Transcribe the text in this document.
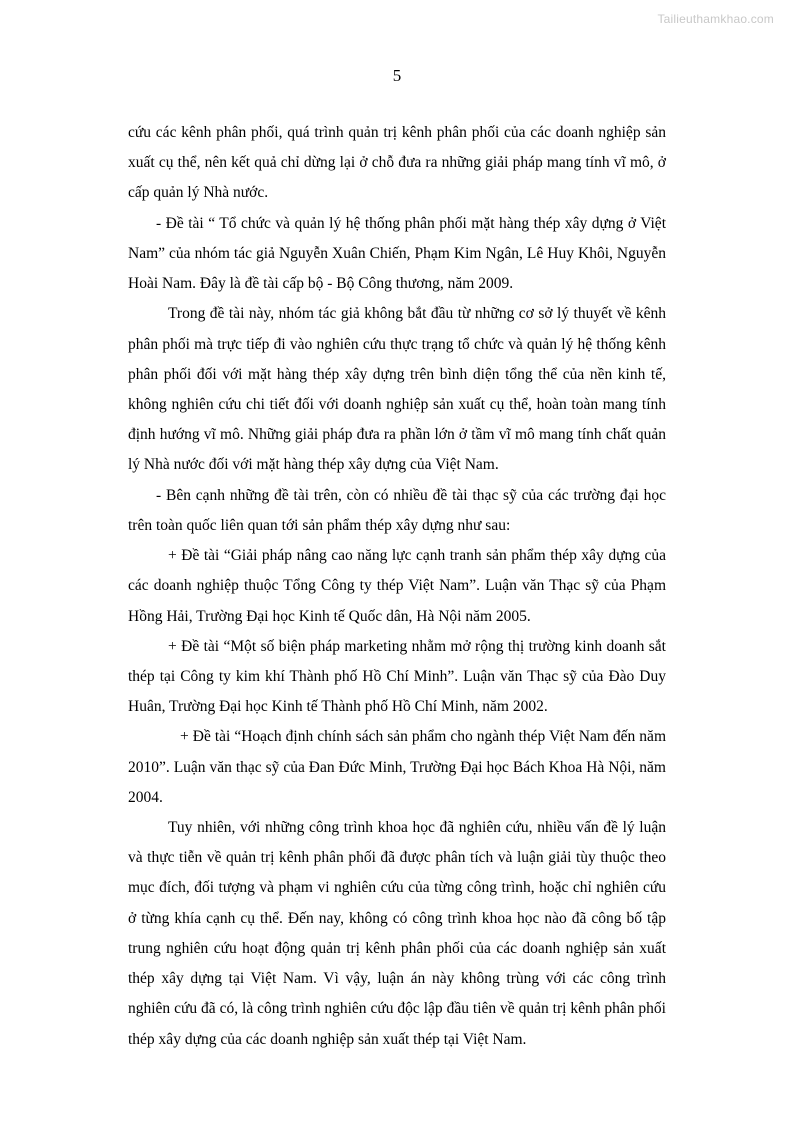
Tailieuthamkhao.com
5

cứu các kênh phân phối, quá trình quản trị kênh phân phối của các doanh nghiệp sản xuất cụ thể, nên kết quả chỉ dừng lại ở chỗ đưa ra những giải pháp mang tính vĩ mô, ở cấp quản lý Nhà nước.

- Đề tài “ Tổ chức và quản lý hệ thống phân phối mặt hàng thép xây dựng ở Việt Nam” của nhóm tác giả Nguyễn Xuân Chiến, Phạm Kim Ngân, Lê Huy Khôi, Nguyễn Hoài Nam. Đây là đề tài cấp bộ - Bộ Công thương, năm 2009.

Trong đề tài này, nhóm tác giả không bắt đầu từ những cơ sở lý thuyết về kênh phân phối mà trực tiếp đi vào nghiên cứu thực trạng tổ chức và quản lý hệ thống kênh phân phối đối với mặt hàng thép xây dựng trên bình diện tổng thể của nền kinh tế, không nghiên cứu chi tiết đối với doanh nghiệp sản xuất cụ thể, hoàn toàn mang tính định hướng vĩ mô. Những giải pháp đưa ra phần lớn ở tầm vĩ mô mang tính chất quản lý Nhà nước đối với mặt hàng thép xây dựng của Việt Nam.

- Bên cạnh những đề tài trên, còn có nhiều đề tài thạc sỹ của các trường đại học trên toàn quốc liên quan tới sản phẩm thép xây dựng như sau:

+ Đề tài “Giải pháp nâng cao năng lực cạnh tranh sản phẩm thép xây dựng của các doanh nghiệp thuộc Tổng Công ty thép Việt Nam”. Luận văn Thạc sỹ của Phạm Hồng Hải, Trường Đại học Kinh tế Quốc dân, Hà Nội năm 2005.

+ Đề tài “Một số biện pháp marketing nhằm mở rộng thị trường kinh doanh sắt thép tại Công ty kim khí Thành phố Hồ Chí Minh”. Luận văn Thạc sỹ của Đào Duy Huân, Trường Đại học Kinh tế Thành phố Hồ Chí Minh, năm 2002.

+ Đề tài “Hoạch định chính sách sản phẩm cho ngành thép Việt Nam đến năm 2010”. Luận văn thạc sỹ của Đan Đức Minh, Trường Đại học Bách Khoa Hà Nội, năm 2004.

Tuy nhiên, với những công trình khoa học đã nghiên cứu, nhiều vấn đề lý luận và thực tiễn về quản trị kênh phân phối đã được phân tích và luận giải tùy thuộc theo mục đích, đối tượng và phạm vi nghiên cứu của từng công trình, hoặc chỉ nghiên cứu ở từng khía cạnh cụ thể. Đến nay, không có công trình khoa học nào đã công bố tập trung nghiên cứu hoạt động quản trị kênh phân phối của các doanh nghiệp sản xuất thép xây dựng tại Việt Nam. Vì vậy, luận án này không trùng với các công trình nghiên cứu đã có, là công trình nghiên cứu độc lập đầu tiên về quản trị kênh phân phối thép xây dựng của các doanh nghiệp sản xuất thép tại Việt Nam.
